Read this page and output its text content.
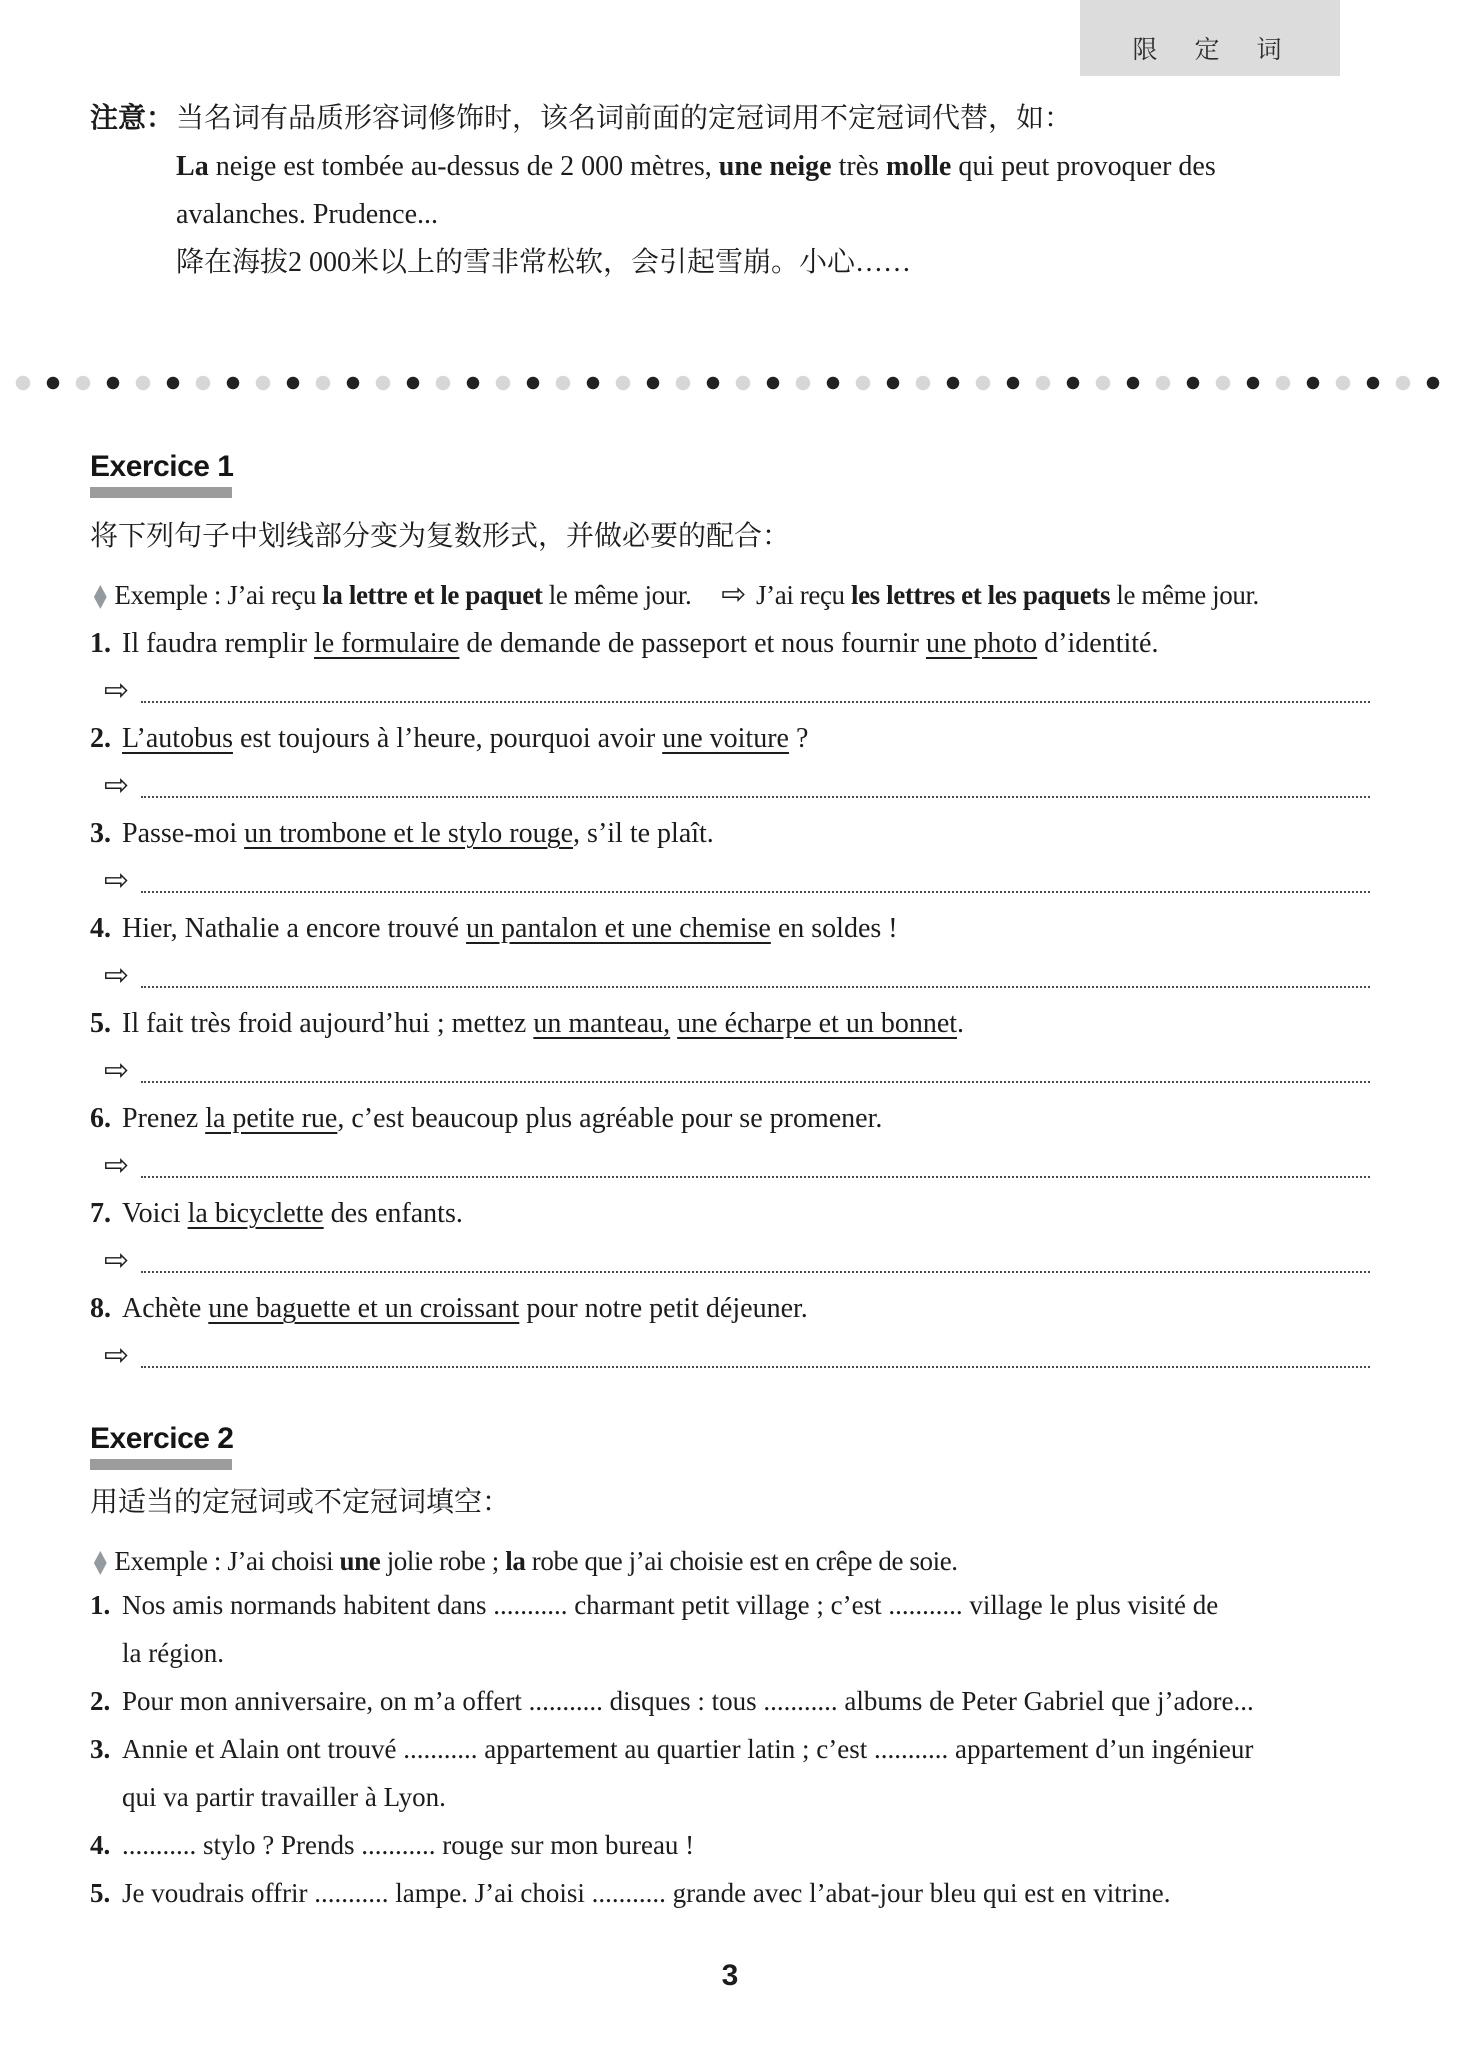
限　定　词
注意： 当名词有品质形容词修饰时，该名词前面的定冠词用不定冠词代替，如：
La neige est tombée au-dessus de 2 000 mètres, une neige très molle qui peut provoquer des
avalanches. Prudence...
降在海拔2 000米以上的雪非常松软，会引起雪崩。小心……
Exercice 1
将下列句子中划线部分变为复数形式，并做必要的配合：
◆ Exemple : J’ai reçu la lettre et le paquet le même jour. ⇨ J’ai reçu les lettres et les paquets le même jour.
1. Il faudra remplir le formulaire de demande de passeport et nous fournir une photo d’identité.
⇨
2. L’autobus est toujours à l’heure, pourquoi avoir une voiture ?
⇨
3. Passe-moi un trombone et le stylo rouge, s’il te plaît.
⇨
4. Hier, Nathalie a encore trouvé un pantalon et une chemise en soldes !
⇨
5. Il fait très froid aujourd’hui ; mettez un manteau, une écharpe et un bonnet.
⇨
6. Prenez la petite rue, c’est beaucoup plus agréable pour se promener.
⇨
7. Voici la bicyclette des enfants.
⇨
8. Achète une baguette et un croissant pour notre petit déjeuner.
⇨
Exercice 2
用适当的定冠词或不定冠词填空：
◆ Exemple : J’ai choisi une jolie robe ; la robe que j’ai choisie est en crêpe de soie.
1. Nos amis normands habitent dans ........... charmant petit village ; c’est ........... village le plus visité de
la région.
2. Pour mon anniversaire, on m’a offert ........... disques : tous ........... albums de Peter Gabriel que j’adore...
3. Annie et Alain ont trouvé ........... appartement au quartier latin ; c’est ........... appartement d’un ingénieur
qui va partir travailler à Lyon.
4. ........... stylo ? Prends ........... rouge sur mon bureau !
5. Je voudrais offrir ........... lampe. J’ai choisi ........... grande avec l’abat-jour bleu qui est en vitrine.
3
